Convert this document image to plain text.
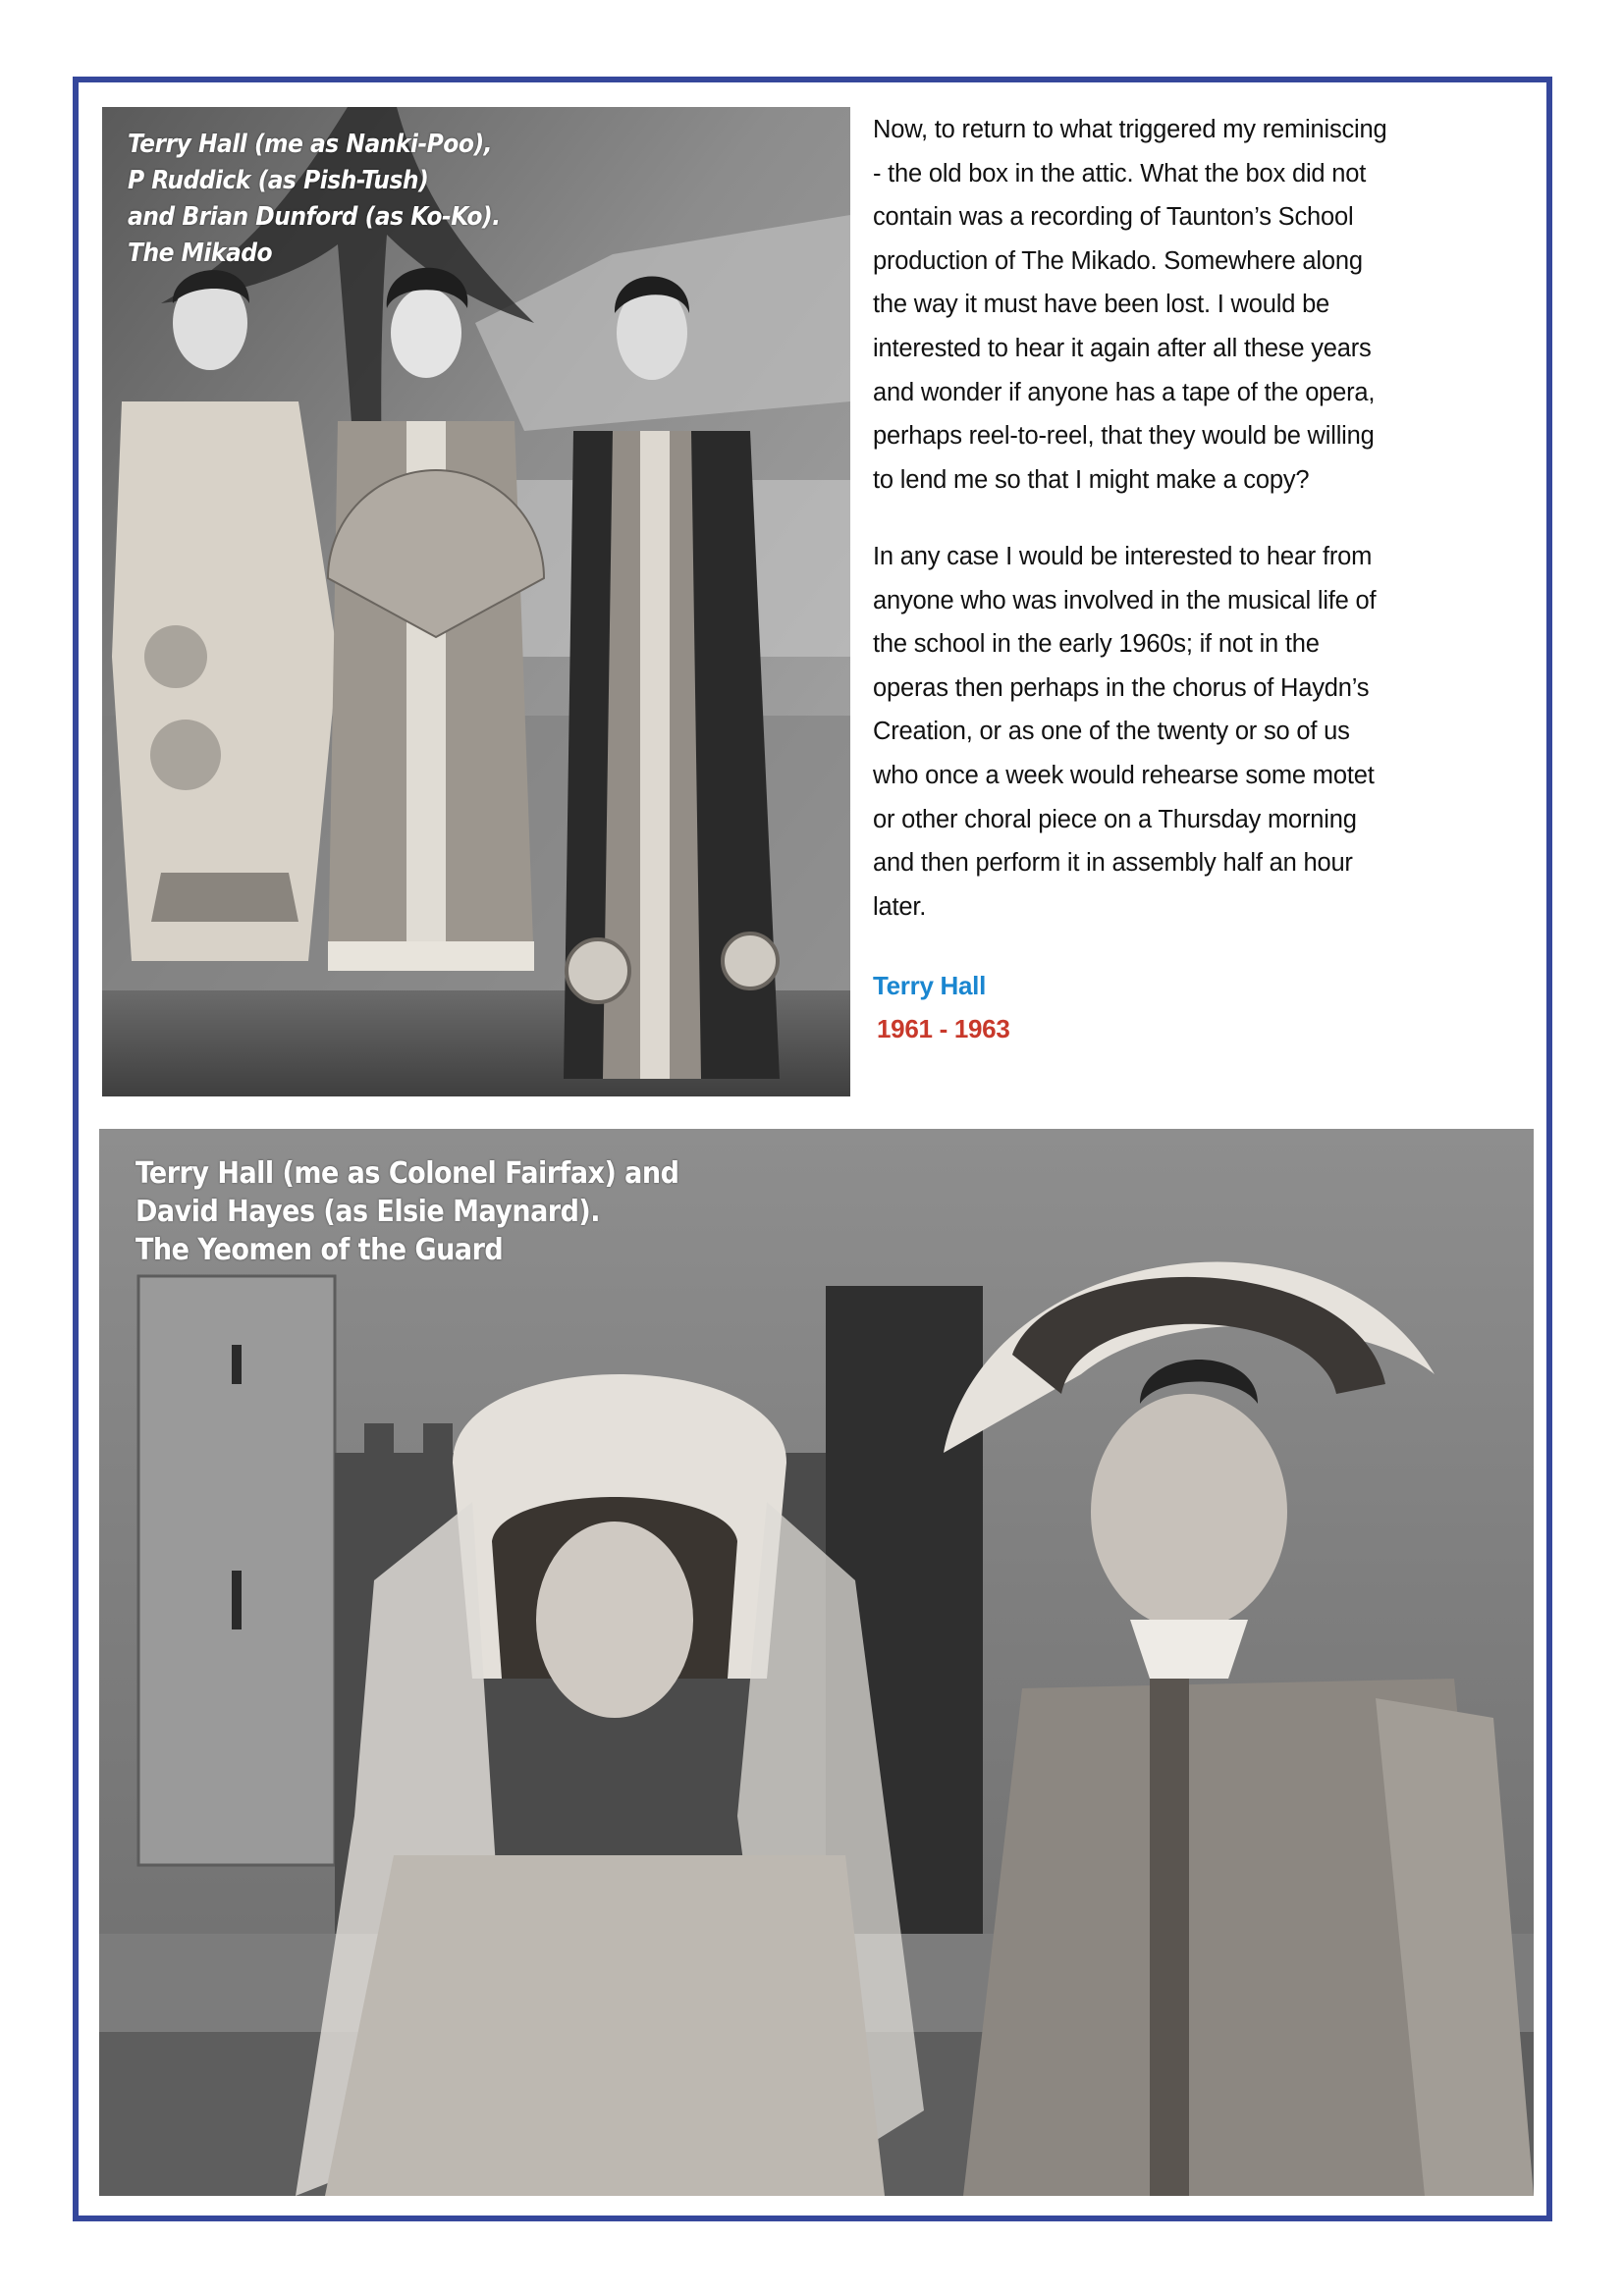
Terry Hall (me as Nanki-Poo),
P Ruddick (as Pish-Tush)
and Brian Dunford (as Ko-Ko).
The Mikado
Now, to return to what triggered my reminiscing
- the old box in the attic. What the box did not
contain was a recording of Taunton’s School
production of The Mikado. Somewhere along
the way it must have been lost. I would be
interested to hear it again after all these years
and wonder if anyone has a tape of the opera,
perhaps reel-to-reel, that they would be willing
to lend me so that I might make a copy?
In any case I would be interested to hear from
anyone who was involved in the musical life of
the school in the early 1960s; if not in the
operas then perhaps in the chorus of Haydn’s
Creation, or as one of the twenty or so of us
who once a week would rehearse some motet
or other choral piece on a Thursday morning
and then perform it in assembly half an hour
later.
Terry Hall
1961 - 1963
Terry Hall (me as Colonel Fairfax) and
David Hayes (as Elsie Maynard).
The Yeomen of the Guard
